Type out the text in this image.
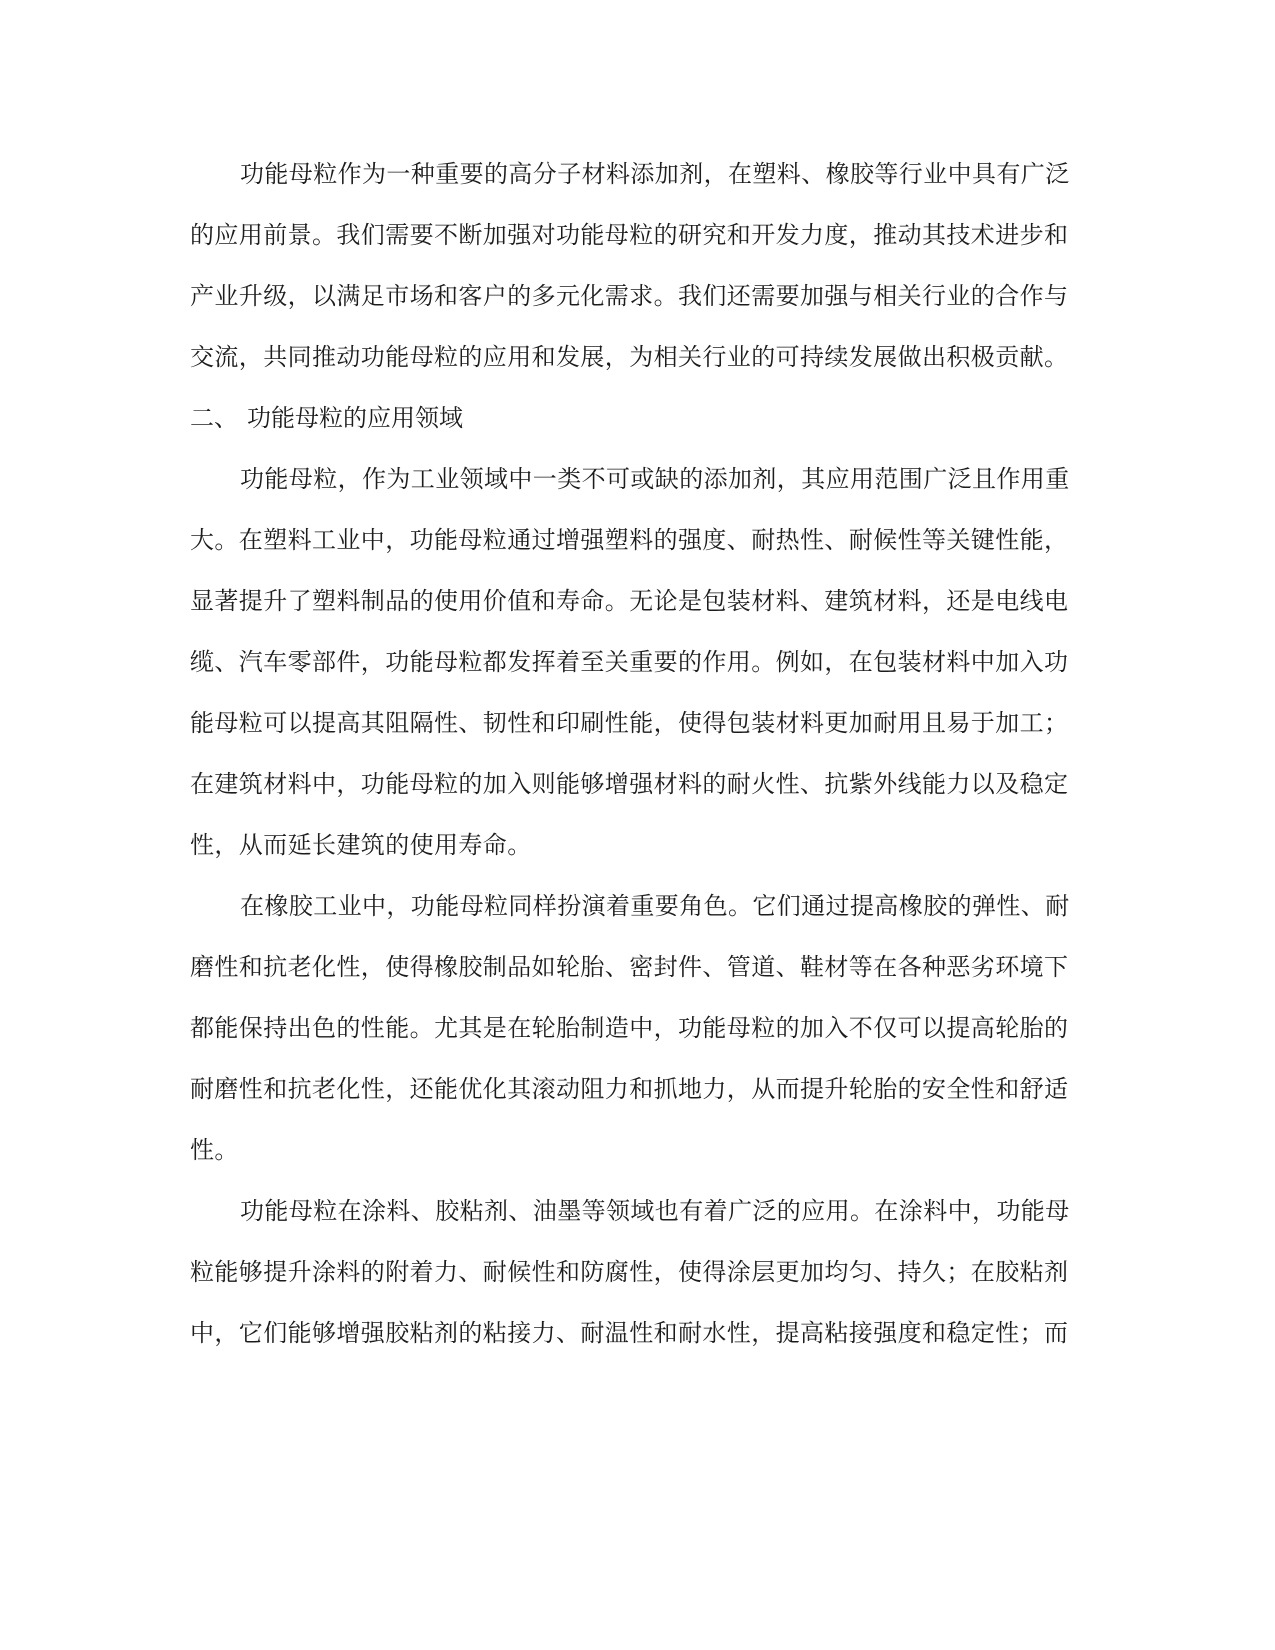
功能母粒作为一种重要的高分子材料添加剂，在塑料、橡胶等行业中具有广泛

的应用前景。我们需要不断加强对功能母粒的研究和开发力度，推动其技术进步和

产业升级，以满足市场和客户的多元化需求。我们还需要加强与相关行业的合作与

交流，共同推动功能母粒的应用和发展，为相关行业的可持续发展做出积极贡献。

二、 功能母粒的应用领域

功能母粒，作为工业领域中一类不可或缺的添加剂，其应用范围广泛且作用重

大。在塑料工业中，功能母粒通过增强塑料的强度、耐热性、耐候性等关键性能，

显著提升了塑料制品的使用价值和寿命。无论是包装材料、建筑材料，还是电线电

缆、汽车零部件，功能母粒都发挥着至关重要的作用。例如，在包装材料中加入功

能母粒可以提高其阻隔性、韧性和印刷性能，使得包装材料更加耐用且易于加工；

在建筑材料中，功能母粒的加入则能够增强材料的耐火性、抗紫外线能力以及稳定

性，从而延长建筑的使用寿命。

在橡胶工业中，功能母粒同样扮演着重要角色。它们通过提高橡胶的弹性、耐

磨性和抗老化性，使得橡胶制品如轮胎、密封件、管道、鞋材等在各种恶劣环境下

都能保持出色的性能。尤其是在轮胎制造中，功能母粒的加入不仅可以提高轮胎的

耐磨性和抗老化性，还能优化其滚动阻力和抓地力，从而提升轮胎的安全性和舒适

性。

功能母粒在涂料、胶粘剂、油墨等领域也有着广泛的应用。在涂料中，功能母

粒能够提升涂料的附着力、耐候性和防腐性，使得涂层更加均匀、持久；在胶粘剂

中，它们能够增强胶粘剂的粘接力、耐温性和耐水性，提高粘接强度和稳定性；而
